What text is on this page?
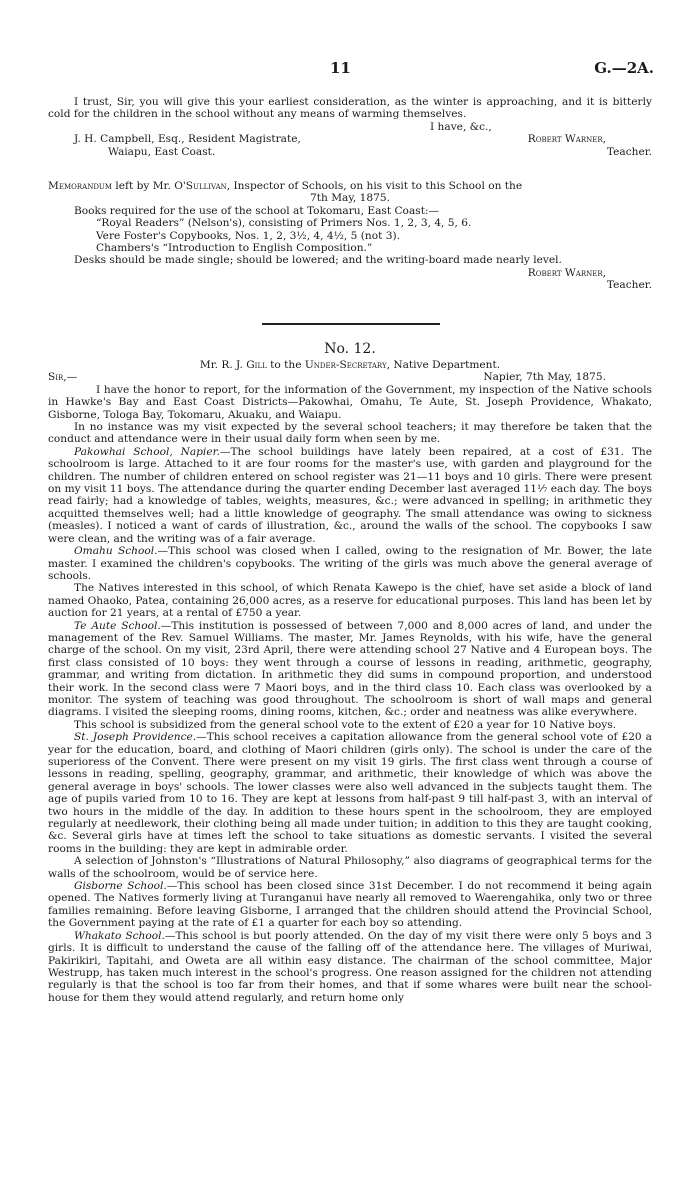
11	G.—2A.

I trust, Sir, you will give this your earliest consideration, as the winter is approaching, and it is bitterly cold for the children in the school without any means of warming themselves.

I have, &c.,

J. H. Campbell, Esq., Resident Magistrate,	Robert Warner,
Waiapu, East Coast.	Teacher.

Memorandum left by Mr. O'Sullivan, Inspector of Schools, on his visit to this School on the

7th May, 1875.

Books required for the use of the school at Tokomaru, East Coast:—

“Royal Readers” (Nelson's), consisting of Primers Nos. 1, 2, 3, 4, 5, 6.

Vere Foster's Copybooks, Nos. 1, 2, 3½, 4, 4½, 5 (not 3).

Chambers's “Introduction to English Composition.”

Desks should be made single; should be lowered; and the writing-board made nearly level.

Robert Warner,

Teacher.

No. 12.

Mr. R. J. Gill to the Under-Secretary, Native Department.

Sir,—	Napier, 7th May, 1875.

I have the honor to report, for the information of the Government, my inspection of the Native schools in Hawke's Bay and East Coast Districts—Pakowhai, Omahu, Te Aute, St. Joseph Providence, Whakato, Gisborne, Tologa Bay, Tokomaru, Akuaku, and Waiapu.

In no instance was my visit expected by the several school teachers; it may therefore be taken that the conduct and attendance were in their usual daily form when seen by me.

Pakowhai School, Napier.—The school buildings have lately been repaired, at a cost of £31. The schoolroom is large. Attached to it are four rooms for the master's use, with garden and playground for the children. The number of children entered on school register was 21—11 boys and 10 girls. There were present on my visit 11 boys. The attendance during the quarter ending December last averaged 11⅐ each day. The boys read fairly; had a knowledge of tables, weights, measures, &c.; were advanced in spelling; in arithmetic they acquitted themselves well; had a little knowledge of geography. The small attendance was owing to sickness (measles). I noticed a want of cards of illustration, &c., around the walls of the school. The copybooks I saw were clean, and the writing was of a fair average.

Omahu School.—This school was closed when I called, owing to the resignation of Mr. Bower, the late master. I examined the children's copybooks. The writing of the girls was much above the general average of schools.

The Natives interested in this school, of which Renata Kawepo is the chief, have set aside a block of land named Ohaoko, Patea, containing 26,000 acres, as a reserve for educational purposes. This land has been let by auction for 21 years, at a rental of £750 a year.

Te Aute School.—This institution is possessed of between 7,000 and 8,000 acres of land, and under the management of the Rev. Samuel Williams. The master, Mr. James Reynolds, with his wife, have the general charge of the school. On my visit, 23rd April, there were attending school 27 Native and 4 European boys. The first class consisted of 10 boys: they went through a course of lessons in reading, arithmetic, geography, grammar, and writing from dictation. In arithmetic they did sums in compound proportion, and understood their work. In the second class were 7 Maori boys, and in the third class 10. Each class was overlooked by a monitor. The system of teaching was good throughout. The schoolroom is short of wall maps and general diagrams. I visited the sleeping rooms, dining rooms, kitchen, &c.; order and neatness was alike everywhere.

This school is subsidized from the general school vote to the extent of £20 a year for 10 Native boys.

St. Joseph Providence.—This school receives a capitation allowance from the general school vote of £20 a year for the education, board, and clothing of Maori children (girls only). The school is under the care of the superioress of the Convent. There were present on my visit 19 girls. The first class went through a course of lessons in reading, spelling, geography, grammar, and arithmetic, their knowledge of which was above the general average in boys' schools. The lower classes were also well advanced in the subjects taught them. The age of pupils varied from 10 to 16. They are kept at lessons from half-past 9 till half-past 3, with an interval of two hours in the middle of the day. In addition to these hours spent in the schoolroom, they are employed regularly at needlework, their clothing being all made under tuition; in addition to this they are taught cooking, &c. Several girls have at times left the school to take situations as domestic servants. I visited the several rooms in the building: they are kept in admirable order.

A selection of Johnston's “Illustrations of Natural Philosophy,” also diagrams of geographical terms for the walls of the schoolroom, would be of service here.

Gisborne School.—This school has been closed since 31st December. I do not recommend it being again opened. The Natives formerly living at Turanganui have nearly all removed to Waerengahika, only two or three families remaining. Before leaving Gisborne, I arranged that the children should attend the Provincial School, the Government paying at the rate of £1 a quarter for each boy so attending.

Whakato School.—This school is but poorly attended. On the day of my visit there were only 5 boys and 3 girls. It is difficult to understand the cause of the falling off of the attendance here. The villages of Muriwai, Pakirikiri, Tapitahi, and Oweta are all within easy distance. The chairman of the school committee, Major Westrupp, has taken much interest in the school's progress. One reason assigned for the children not attending regularly is that the school is too far from their homes, and that if some whares were built near the school-house for them they would attend regularly, and return home only
